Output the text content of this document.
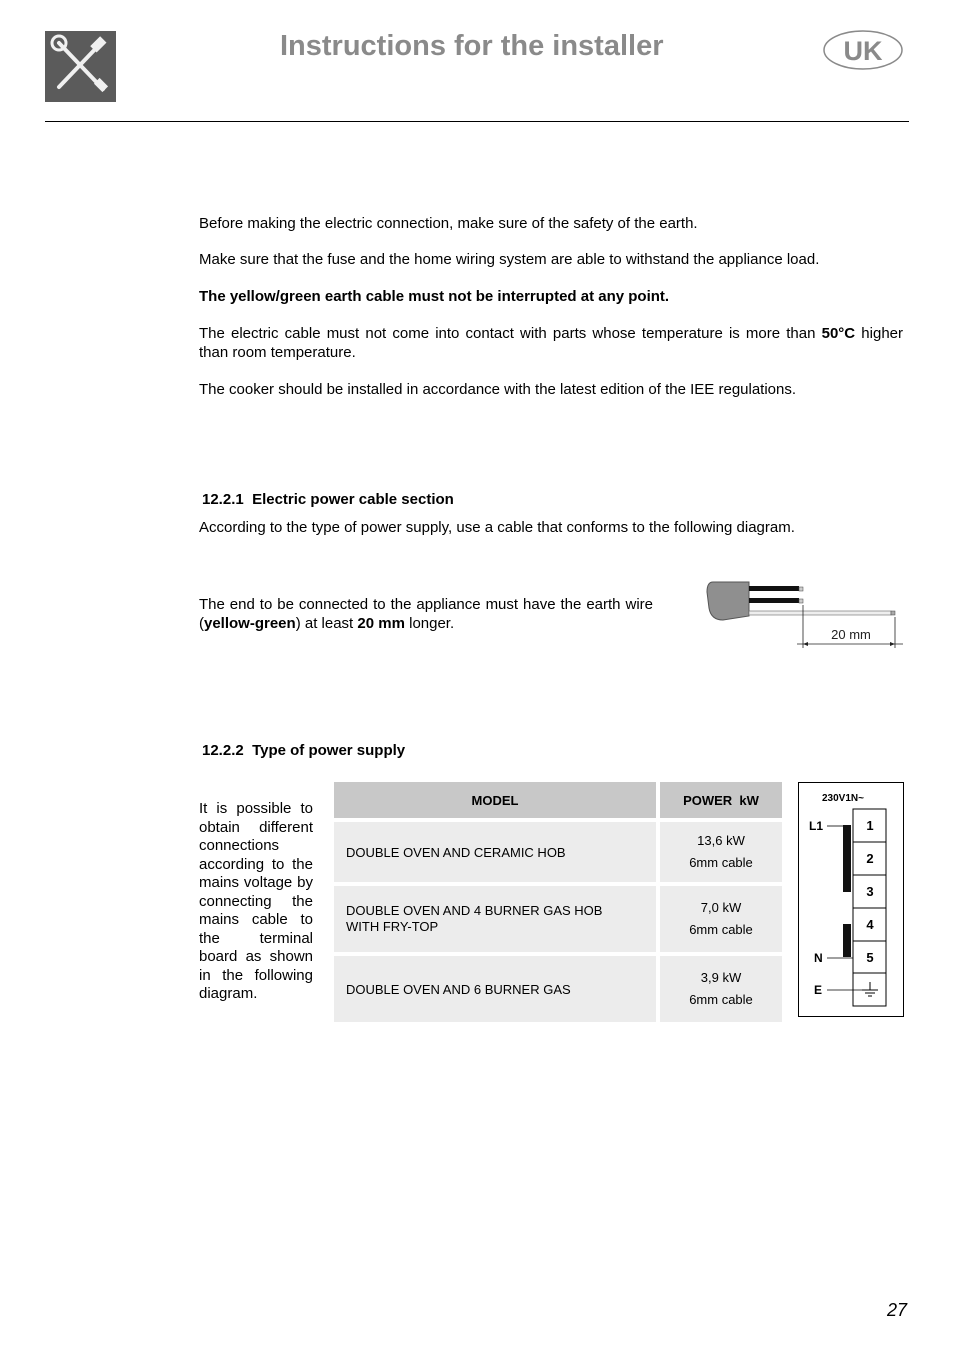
Instructions for the installer	UK
Before making the electric connection, make sure of the safety of the earth.
Make sure that the fuse and the home wiring system are able to withstand the appliance load.
The yellow/green earth cable must not be interrupted at any point.
The electric cable must not come into contact with parts whose temperature is more than 50°C higher than room temperature.
The cooker should be installed in accordance with the latest edition of the IEE regulations.
12.2.1 Electric power cable section
According to the type of power supply, use a cable that conforms to the following diagram.
The end to be connected to the appliance must have the earth wire (yellow-green) at least 20 mm longer.
20 mm
12.2.2 Type of power supply
It is possible to obtain different connections according to the mains voltage by connecting the mains cable to the terminal board as shown in the following diagram.
MODEL	POWER  kW
DOUBLE OVEN AND CERAMIC HOB
13,6 kW
6mm cable
DOUBLE OVEN AND 4 BURNER GAS HOB WITH FRY-TOP
7,0 kW
6mm cable
DOUBLE OVEN AND 6 BURNER GAS
3,9 kW
6mm cable
230V1N~
1
2
3
4
5
L1
N
E
27
